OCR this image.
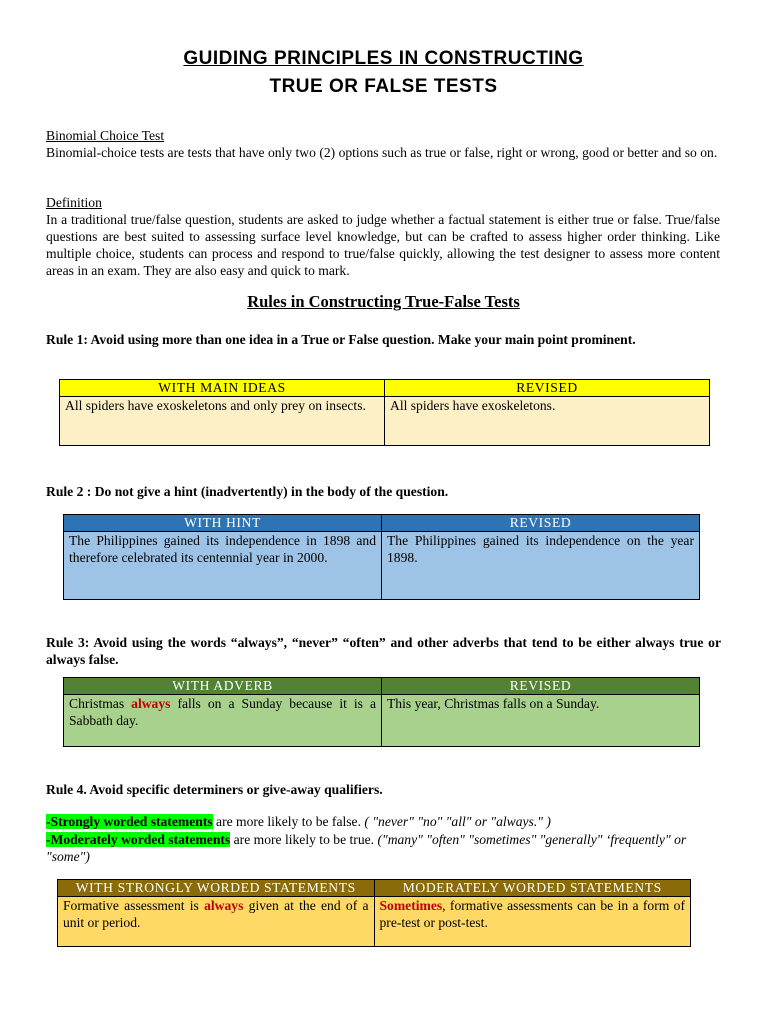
GUIDING PRINCIPLES IN CONSTRUCTING
TRUE OR FALSE TESTS
Binomial Choice Test
Binomial-choice tests are tests that have only two (2) options such as true or false, right or wrong, good or better and so on.
Definition
In a traditional true/false question, students are asked to judge whether a factual statement is either true or false. True/false questions are best suited to assessing surface level knowledge, but can be crafted to assess higher order thinking. Like multiple choice, students can process and respond to true/false quickly, allowing the test designer to assess more content areas in an exam. They are also easy and quick to mark.
Rules in Constructing True-False Tests
Rule 1: Avoid using more than one idea in a True or False question. Make your main point prominent.
WITH MAIN IDEAS	REVISED
All spiders have exoskeletons and only prey on insects.	All spiders have exoskeletons.
Rule 2 : Do not give a hint (inadvertently) in the body of the question.
WITH HINT	REVISED
The Philippines gained its independence in 1898 and therefore celebrated its centennial year in 2000.	The Philippines gained its independence on the year 1898.
Rule 3: Avoid using the words “always”, “never” “often” and other adverbs that tend to be either always true or always false.
WITH ADVERB	REVISED
Christmas always falls on a Sunday because it is a Sabbath day.	This year, Christmas falls on a Sunday.
Rule 4. Avoid specific determiners or give-away qualifiers.
-Strongly worded statements are more likely to be false. ( "never" "no" "all" or "always." )
-Moderately worded statements are more likely to be true. ("many" "often" "sometimes" "generally" ‘frequently" or "some")
WITH STRONGLY WORDED STATEMENTS	MODERATELY WORDED STATEMENTS
Formative assessment is always given at the end of a unit or period.	Sometimes, formative assessments can be in a form of pre-test or post-test.
